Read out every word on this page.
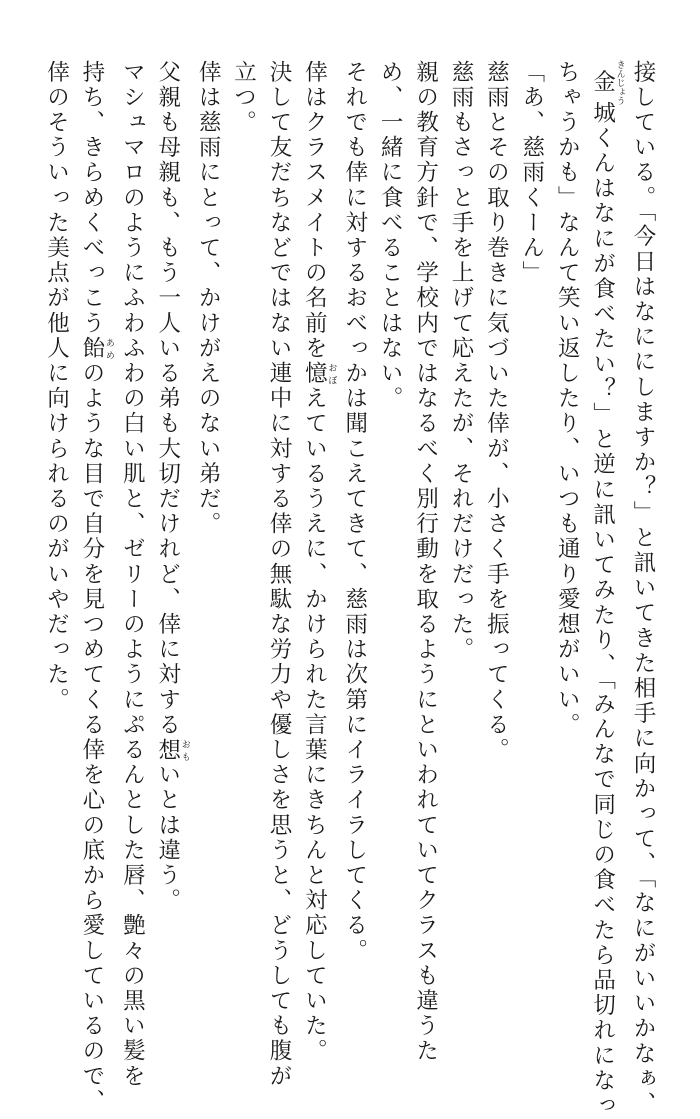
接している。「今日はなににしますか？」と訊いてきた相手に向かって、「なにがいいかなぁ、
金 きんじょう城くんはなにが食べたい？」と逆に訊いてみたり、「みんなで同じの食べたら品切れになっ
ちゃうかも」なんて笑い返したり、いつも通り愛想がいい。
「あ、慈雨くーん」
慈雨とその取り巻きに気づいた倖が、小さく手を振ってくる。
慈雨もさっと手を上げて応えたが、それだけだった。
親の教育方針で、学校内ではなるべく別行動を取るようにといわれていてクラスも違うた
め、一緒に食べることはない。
それでも倖に対するおべっかは聞こえてきて、慈雨は次第にイライラしてくる。
倖はクラスメイトの名前を憶 おぼえているうえに、かけられた言葉にきちんと対応していた。
決して友だちなどではない連中に対する倖の無駄な労力や優しさを思うと、どうしても腹が
立つ。
倖は慈雨にとって、かけがえのない弟だ。
父親も母親も、もう一人いる弟も大切だけれど、倖に対する想 おもいとは違う。
マシュマロのようにふわふわの白い肌と、ゼリーのようにぷるんとした唇、艶々の黒い髪を
持ち、きらめくべっこう飴 あめのような目で自分を見つめてくる倖を心の底から愛しているので、
倖のそういった美点が他人に向けられるのがいやだった。
